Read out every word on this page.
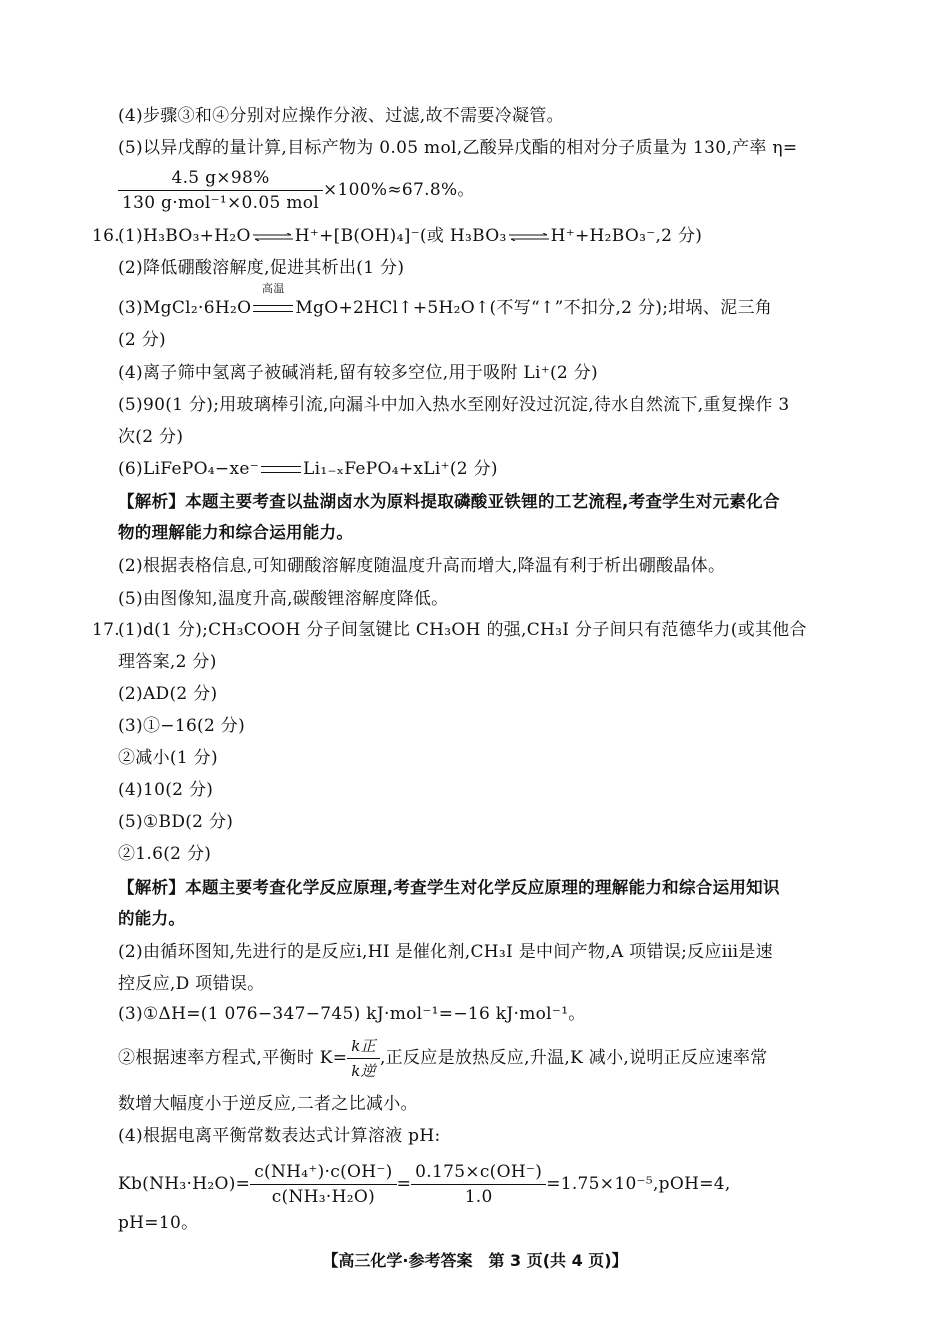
(4)步骤③和④分别对应操作分液、过滤,故不需要冷凝管。
(5)以异戊醇的量计算,目标产物为 0.05 mol,乙酸异戊酯的相对分子质量为 130,产率 η=
$\frac{4.5 g\times 98\%}{\text{130 g·mol⁻¹×0.05 mol}} \times 100\%\approx 67.8\%$。
16.
(1)H₃BO₃+H₂O⇌H⁺+[B(OH)₄]⁻(或 H₃BO₃⇌H⁺+H₂BO₃⁻,2 分)
(2)降低硼酸溶解度,促进其析出(1 分)
(3)MgCl₂·6H₂O
高温
MgO+2HCl↑+5H₂O↑(不写“↑”不扣分,2 分);坩埚、泥三角
(2 分)
(4)离子筛中氢离子被碱消耗,留有较多空位,用于吸附 Li⁺(2 分)
(5)90(1 分);用玻璃棒引流,向漏斗中加入热水至刚好没过沉淀,待水自然流下,重复操作 3
次(2 分)
(6)LiFePO₄−xe⁻	Li₁₋ₓFePO₄+xLi⁺(2 分)
【解析】本题主要考查以盐湖卤水为原料提取磷酸亚铁锂的工艺流程,考查学生对元素化合
物的理解能力和综合运用能力。
(2)根据表格信息,可知硼酸溶解度随温度升高而增大,降温有利于析出硼酸晶体。
(5)由图像知,温度升高,碳酸锂溶解度降低。
17.
(1)d(1 分);CH₃COOH 分子间氢键比 CH₃OH 的强,CH₃I 分子间只有范德华力(或其他合
理答案,2 分)
(2)AD(2 分)
(3)①−16(2 分)
②减小(1 分)
(4)10(2 分)
(5)①BD(2 分)
②1.6(2 分)
【解析】本题主要考查化学反应原理,考查学生对化学反应原理的理解能力和综合运用知识
的能力。
(2)由循环图知,先进行的是反应ⅰ,HI 是催化剂,CH₃I 是中间产物,A 项错误;反应ⅲ是速
控反应,D 项错误。
(3)①ΔH=(1 076−347−745) kJ·mol⁻¹=−16 kJ·mol⁻¹。
②根据速率方程式,平衡时 $K= \frac{\text{k正}}{\text{k逆}}$ ,正反应是放热反应,升温,K 减小,说明正反应速率常
数增大幅度小于逆反应,二者之比减小。
(4)根据电离平衡常数表达式计算溶液 pH:
$Kb(NH_3\cdot H_2O)= \frac{\text{c(NH₄⁺)·c(OH⁻)}}{\text{c(NH₃·H₂O)}} = \frac{0.175\times c(OH^-)}{1.0} =1.75\times 10^{-5},pOH=4$,
pH=10。
【高三化学·参考答案　第 3 页(共 4 页)】
